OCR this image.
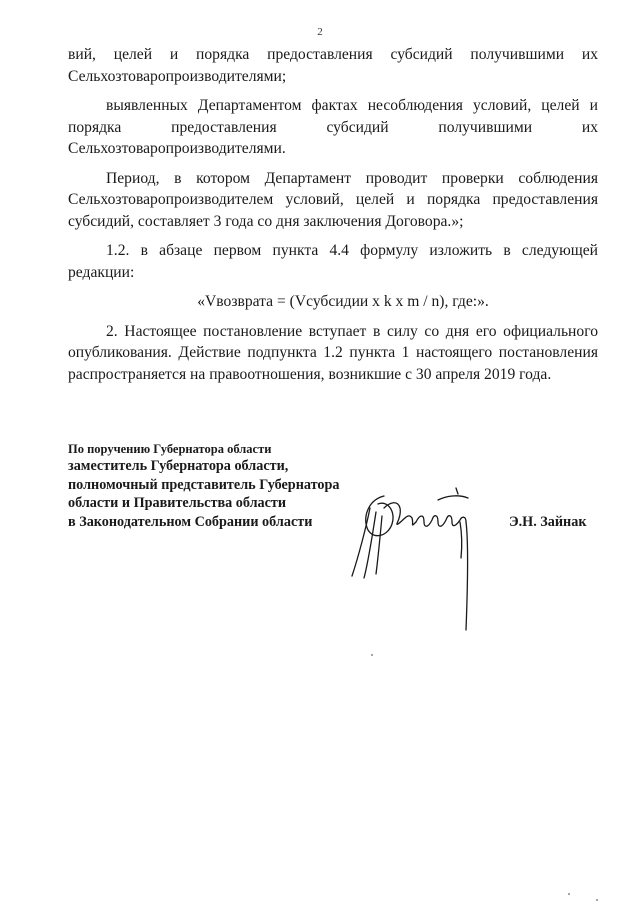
2

вий, целей и порядка предоставления субсидий получившими их Сельхозтоваропроизводителями;

выявленных Департаментом фактах несоблюдения условий, целей и порядка предоставления субсидий получившими их Сельхозтоваропроизводителями.

Период, в котором Департамент проводит проверки соблюдения Сельхозтоваропроизводителем условий, целей и порядка предоставления субсидий, составляет 3 года со дня заключения Договора.»;

1.2. в абзаце первом пункта 4.4 формулу изложить в следующей редакции:

«Vвозврата = (Vсубсидии x k x m / n), где:».

2. Настоящее постановление вступает в силу со дня его официального опубликования. Действие подпункта 1.2 пункта 1 настоящего постановления распространяется на правоотношения, возникшие с 30 апреля 2019 года.

По поручению Губернатора области

заместитель Губернатора области,

полномочный представитель Губернатора

области и Правительства области

в Законодательном Собрании области	Э.Н. Зайнак
